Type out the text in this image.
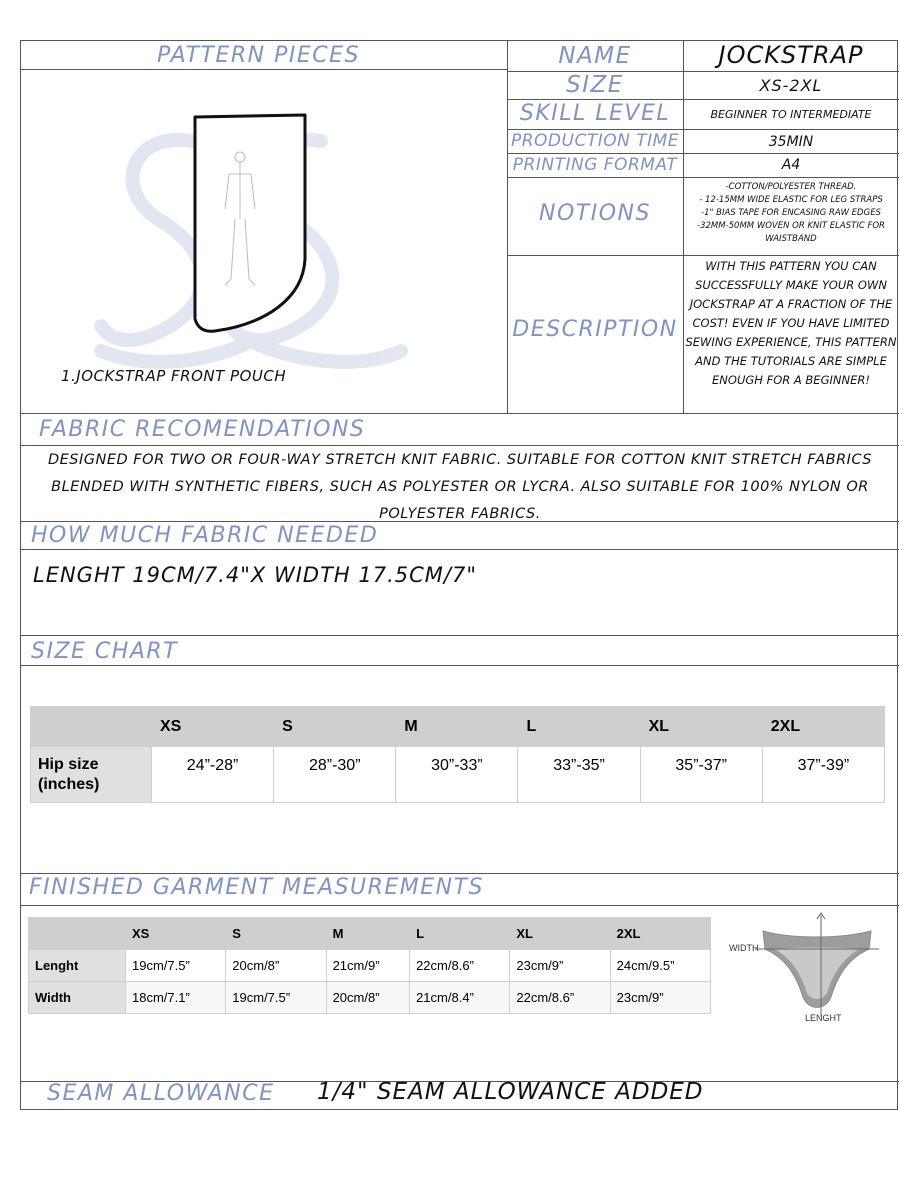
PATTERN PIECES
1.JOCKSTRAP FRONT POUCH
NAME	JOCKSTRAP
SIZE	XS-2XL
SKILL LEVEL	BEGINNER TO INTERMEDIATE
PRODUCTION TIME	35MIN
PRINTING FORMAT	A4
NOTIONS
-COTTON/POLYESTER THREAD.
- 12-15MM WIDE ELASTIC FOR LEG STRAPS
-1" BIAS TAPE FOR ENCASING RAW EDGES
-32MM-50MM WOVEN OR KNIT ELASTIC FOR WAISTBAND
DESCRIPTION
WITH THIS PATTERN YOU CAN SUCCESSFULLY MAKE YOUR OWN JOCKSTRAP AT A FRACTION OF THE COST! EVEN IF YOU HAVE LIMITED SEWING EXPERIENCE, THIS PATTERN AND THE TUTORIALS ARE SIMPLE ENOUGH FOR A BEGINNER!
FABRIC RECOMENDATIONS
DESIGNED FOR TWO OR FOUR-WAY STRETCH KNIT FABRIC. SUITABLE FOR COTTON KNIT STRETCH FABRICS BLENDED WITH SYNTHETIC FIBERS, SUCH AS POLYESTER OR LYCRA. ALSO SUITABLE FOR 100% NYLON OR POLYESTER FABRICS.
HOW MUCH FABRIC NEEDED
LENGHT 19CM/7.4"X WIDTH 17.5CM/7"
SIZE CHART
	XS	S	M	L	XL	2XL
Hip size (inches)	24”-28”	28”-30”	30”-33”	33”-35”	35”-37”	37”-39”
FINISHED GARMENT MEASUREMENTS
	XS	S	M	L	XL	2XL
Lenght	19cm/7.5”	20cm/8”	21cm/9”	22cm/8.6”	23cm/9”	24cm/9.5”
Width	18cm/7.1”	19cm/7.5”	20cm/8”	21cm/8.4”	22cm/8.6”	23cm/9”
WIDTH
LENGHT
SEAM ALLOWANCE 1/4" SEAM ALLOWANCE ADDED
